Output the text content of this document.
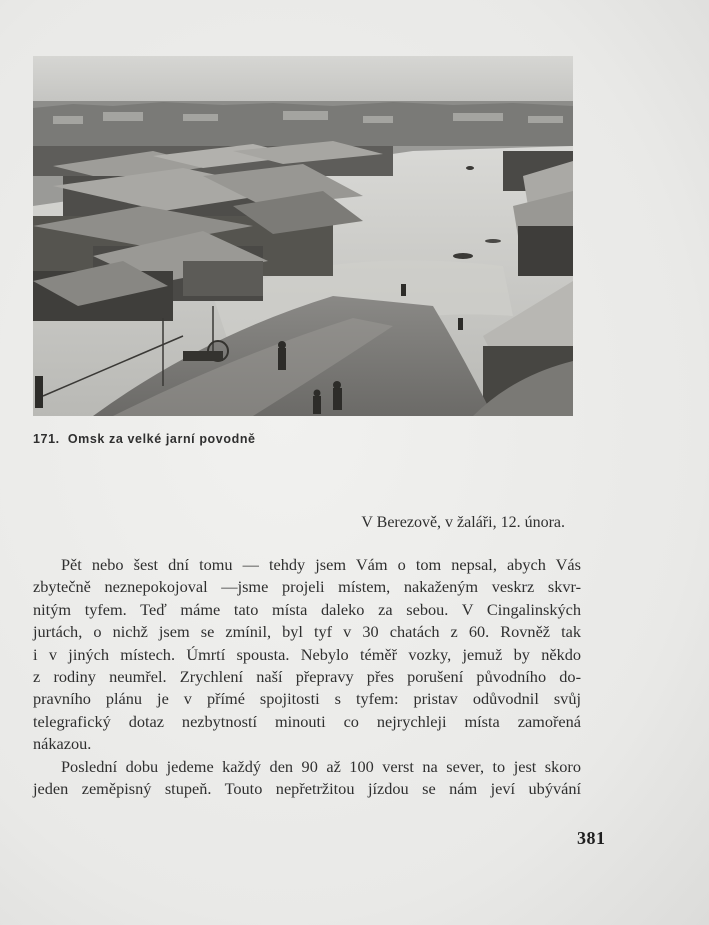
171. Omsk za velké jarní povodně
V Berezově, v žaláři, 12. února.

Pět nebo šest dní tomu — tehdy jsem Vám o tom nepsal, abych Vás
zbytečně neznepokojoval —jsme projeli místem, nakaženým veskrz skvr-
nitým tyfem. Teď máme tato místa daleko za sebou. V Cingalinských
jurtách, o nichž jsem se zmínil, byl tyf v 30 chatách z 60. Rovněž tak
i v jiných místech. Úmrtí spousta. Nebylo téměř vozky, jemuž by někdo
z rodiny neumřel. Zrychlení naší přepravy přes porušení původního do-
pravního plánu je v přímé spojitosti s tyfem: pristav odůvodnil svůj
telegrafický dotaz nezbytností minouti co nejrychleji místa zamořená
nákazou.

Poslední dobu jedeme každý den 90 až 100 verst na sever, to jest skoro
jeden zeměpisný stupeň. Touto nepřetržitou jízdou se nám jeví ubývání

381
